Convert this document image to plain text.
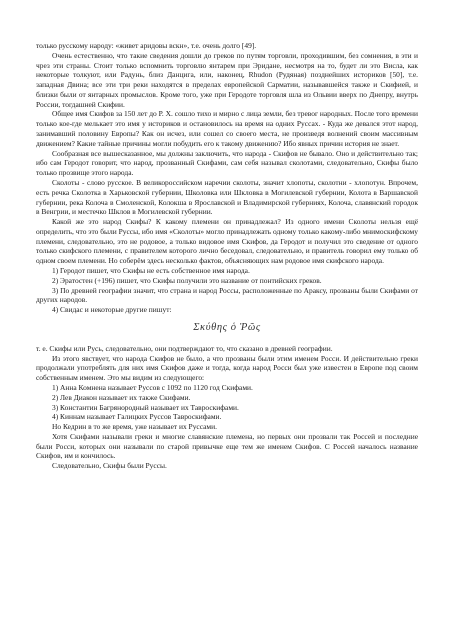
только русскому народу: «живет аридовы вскн», т.е. очень долго [49].

Очень естественно, что такие сведения дошли до греков по путям торговли, проходившим, без сомнения, в эти и чрез эти страны. Стоит только вспомнить торговлю янтарем при Эридане, несмотря на то, будет ли это Висла, как некоторые толкуют, или Радунь, близ Данцига, или, наконец, Rhudon (Рудяная) позднейших историков [50], т.е. западная Двина; все эти три реки находятся в пределах европейской Сарматии, называвшейся также и Скифией, и близки были от янтарных промыслов. Кроме того, уже при Геродоте торговля шла из Ольвии вверх по Днепру, внутрь России, тогдашней Скифии.

Общее имя Скифов за 150 лет до Р. Х. сошло тихо и мирно с лица земли, без тревог народных. После того времени только кое-где мелькает это имя у историков и остановилось на время на одних Руссах. - Куда же девался этот народ, занимавший половину Европы? Как он исчез, или сошел со своего места, не произведя волнений своим массивным движением? Какие тайные причины могли побудить его к такому движению? Ибо явных причин история не знает.

Сообразная все вышесказанное, мы должны заключить, что народа - Скифов не бывало. Оно и действительно так; ибо сам Геродот говорит, что народ, прозванный Скифами, сам себя называл сколотами, следовательно, Скифы было только прозвище этого народа.

Сколоты - слово русское. В великороссийском наречии сколоты, значит хлопоты, сколотни - хлопотун. Впрочем, есть речка Сколотка в Харьковской губернии, Школовка или Шкловка в Могилевской губернии, Колота в Варшавской губернии, река Колоча в Смоленской, Колокша в Ярославской и Владимирской губерниях, Колоча, славянский городок в Венгрии, и местечко Шклов в Могилевской губернии.

Какой же это народ Скифы? К какому племени он принадлежал? Из одного имени Сколоты нельзя ещё определить, что это были Руссы, ибо имя «Сколоты» могло принадлежать одному только какому-либо мнимоскифскому племени, следовательно, это не родовое, а только видовое имя Скифов, да Геродот и получил это сведение от одного только скифского племени, с правителем которого лично беседовал, следовательно, и правитель говорил ему только об одном своем племени. Но соберём здесь несколько фактов, объясняющих нам родовое имя скифского народа.

1) Геродот пишет, что Скифы не есть собственное имя народа.

2) Эратостен (+196) пишет, что Скифы получили это название от понтийских греков.

3) По древней географии значит, что страна и народ Россы, расположенные по Араксу, прозваны были Скифами от других народов.

4) Свидас и некоторые другие пишут:

Σκύθης ὁ Ῥῶς

т. е. Скифы или Русь, следовательно, они подтверждают то, что сказано в древней географии.

Из этого явствует, что народа Скифов не было, а что прозваны были этим именем Росси. И действительно греки продолжали употреблять для них имя Скифов даже и тогда, когда народ Росси был уже известен в Европе под своим собственным именем. Это мы видим из следующего:

1) Анна Комнена называет Руссов с 1092 по 1120 год Скифами.

2) Лев Диакон называет их также Скифами.

3) Константин Багрянородный называет их Тавроскифами.

4) Киннам называет Галицких Руссов Тавроскифами.

Но Кедрин в то же время, уже называет их Руссами.

Хотя Скифами называли греки и многие славянские племена, но первых они прозвали так Россей и последние были Росси, которых они называли по старой привычке еще тем же именем Скифов. С Россей началось название Скифов, им и кончилось.

Следовательно, Скифы были Руссы.
